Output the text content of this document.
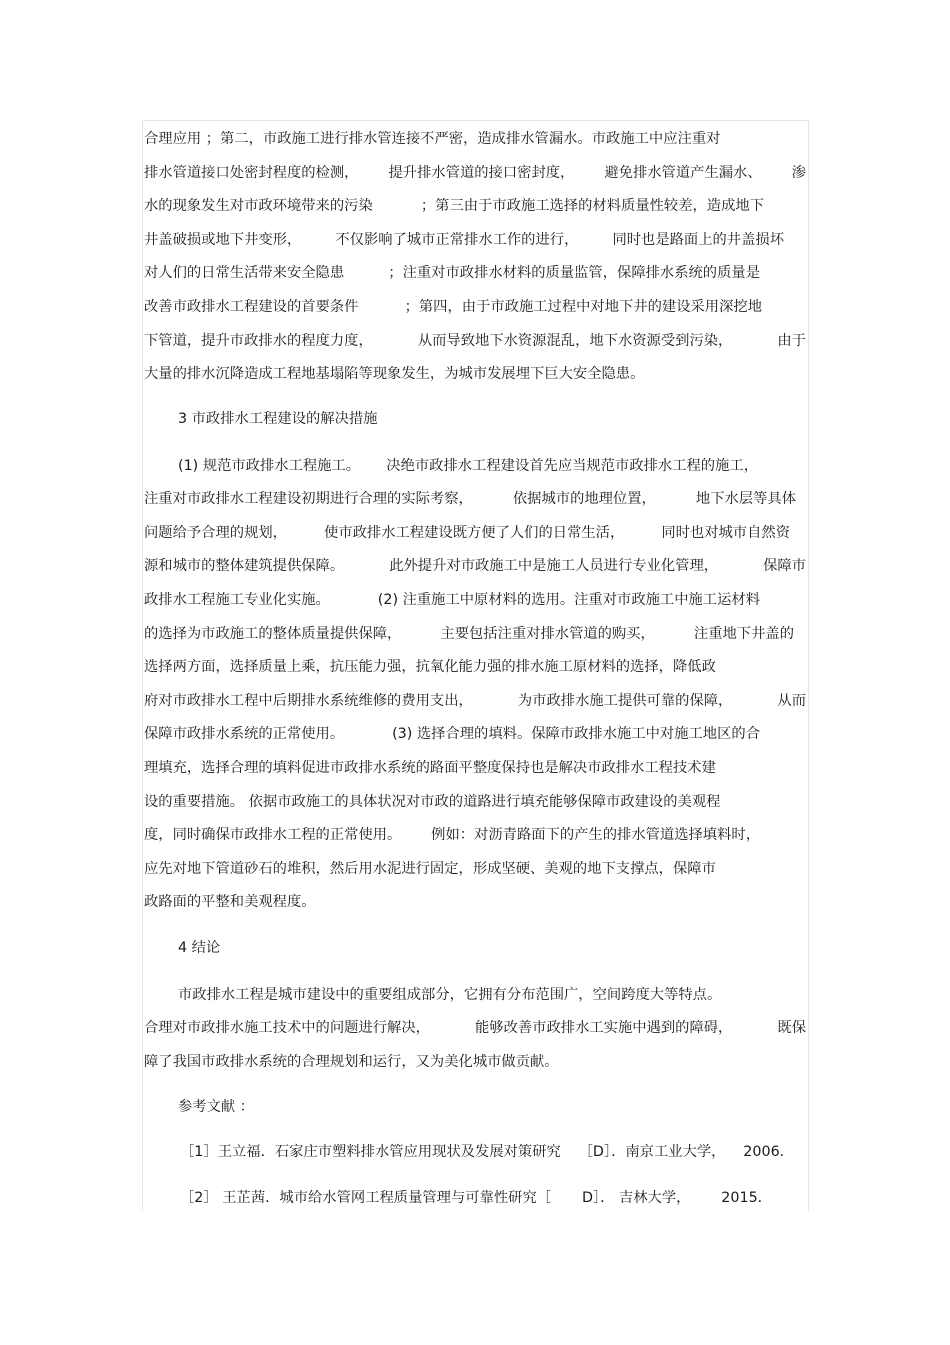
合理应用 ；第二，市政施工进行排水管连接不严密，造成排水管漏水。市政施工中应注重对
排水管道接口处密封程度的检测， 提升排水管道的接口密封度， 避免排水管道产生漏水、 渗
水的现象发生对市政环境带来的污染	；第三由于市政施工选择的材料质量性较差，造成地下
井盖破损或地下井变形， 不仅影响了城市正常排水工作的进行， 同时也是路面上的井盖损坏
对人们的日常生活带来安全隐患	；注重对市政排水材料的质量监管，保障排水系统的质量是
改善市政排水工程建设的首要条件	；第四，由于市政施工过程中对地下井的建设采用深挖地
下管道，提升市政排水的程度力度，	从而导致地下水资源混乱，地下水资源受到污染，	由于
大量的排水沉降造成工程地基塌陷等现象发生，为城市发展埋下巨大安全隐患。
3 市政排水工程建设的解决措施
(1) 规范市政排水工程施工。 决绝市政排水工程建设首先应当规范市政排水工程的施工，
注重对市政排水工程建设初期进行合理的实际考察，	依据城市的地理位置，	地下水层等具体
问题给予合理的规划，	使市政排水工程建设既方便了人们的日常生活，	同时也对城市自然资
源和城市的整体建筑提供保障。	此外提升对市政施工中是施工人员进行专业化管理，	保障市
政排水工程施工专业化实施。	(2) 注重施工中原材料的选用。注重对市政施工中施工运材料
的选择为市政施工的整体质量提供保障，	主要包括注重对排水管道的购买，	注重地下井盖的
选择两方面，选择质量上乘，抗压能力强，抗氧化能力强的排水施工原材料的选择，降低政
府对市政排水工程中后期排水系统维修的费用支出，	为市政排水施工提供可靠的保障，	从而
保障市政排水系统的正常使用。	(3) 选择合理的填料。保障市政排水施工中对施工地区的合
理填充，选择合理的填料促进市政排水系统的路面平整度保持也是解决市政排水工程技术建
设的重要措施。 依据市政施工的具体状况对市政的道路进行填充能够保障市政建设的美观程
度，同时确保市政排水工程的正常使用。 例如：对沥青路面下的产生的排水管道选择填料时，
应先对地下管道砂石的堆积，然后用水泥进行固定，形成坚硬、美观的地下支撑点，保障市
政路面的平整和美观程度。
4 结论
市政排水工程是城市建设中的重要组成部分，它拥有分布范围广，空间跨度大等特点。
合理对市政排水施工技术中的问题进行解决，	能够改善市政排水工实施中遇到的障碍，	既保
障了我国市政排水系统的合理规划和运行，又为美化城市做贡献。
参考文献 ：
［1］王立福．石家庄市塑料排水管应用现状及发展对策研究 ［D］．南京工业大学， 2006．
［2］ 王芷茜．城市给水管网工程质量管理与可靠性研究［ D］． 吉林大学， 2015．
